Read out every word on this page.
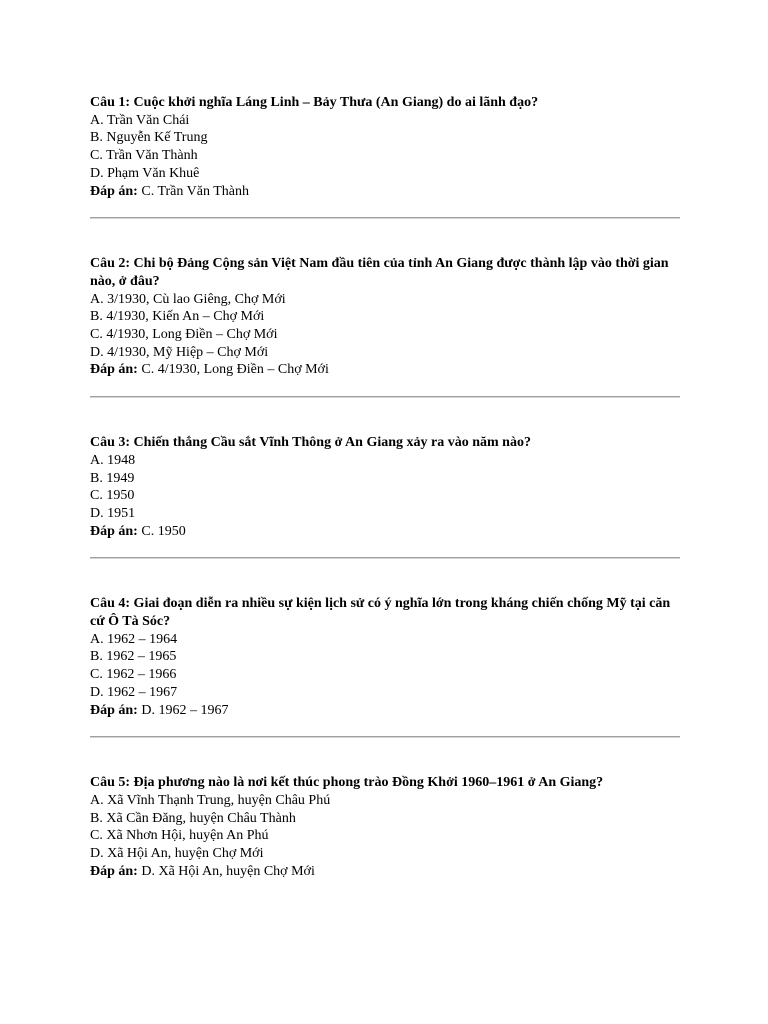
Câu 1: Cuộc khởi nghĩa Láng Linh – Bảy Thưa (An Giang) do ai lãnh đạo?
A. Trần Văn Chái
B. Nguyễn Kế Trung
C. Trần Văn Thành
D. Phạm Văn Khuê
Đáp án: C. Trần Văn Thành
Câu 2: Chi bộ Đảng Cộng sản Việt Nam đầu tiên của tỉnh An Giang được thành lập vào thời gian nào, ở đâu?
A. 3/1930, Cù lao Giêng, Chợ Mới
B. 4/1930, Kiến An – Chợ Mới
C. 4/1930, Long Điền – Chợ Mới
D. 4/1930, Mỹ Hiệp – Chợ Mới
Đáp án: C. 4/1930, Long Điền – Chợ Mới
Câu 3: Chiến thắng Cầu sắt Vĩnh Thông ở An Giang xảy ra vào năm nào?
A. 1948
B. 1949
C. 1950
D. 1951
Đáp án: C. 1950
Câu 4: Giai đoạn diễn ra nhiều sự kiện lịch sử có ý nghĩa lớn trong kháng chiến chống Mỹ tại căn cứ Ô Tà Sóc?
A. 1962 – 1964
B. 1962 – 1965
C. 1962 – 1966
D. 1962 – 1967
Đáp án: D. 1962 – 1967
Câu 5: Địa phương nào là nơi kết thúc phong trào Đồng Khởi 1960–1961 ở An Giang?
A. Xã Vĩnh Thạnh Trung, huyện Châu Phú
B. Xã Cần Đăng, huyện Châu Thành
C. Xã Nhơn Hội, huyện An Phú
D. Xã Hội An, huyện Chợ Mới
Đáp án: D. Xã Hội An, huyện Chợ Mới
